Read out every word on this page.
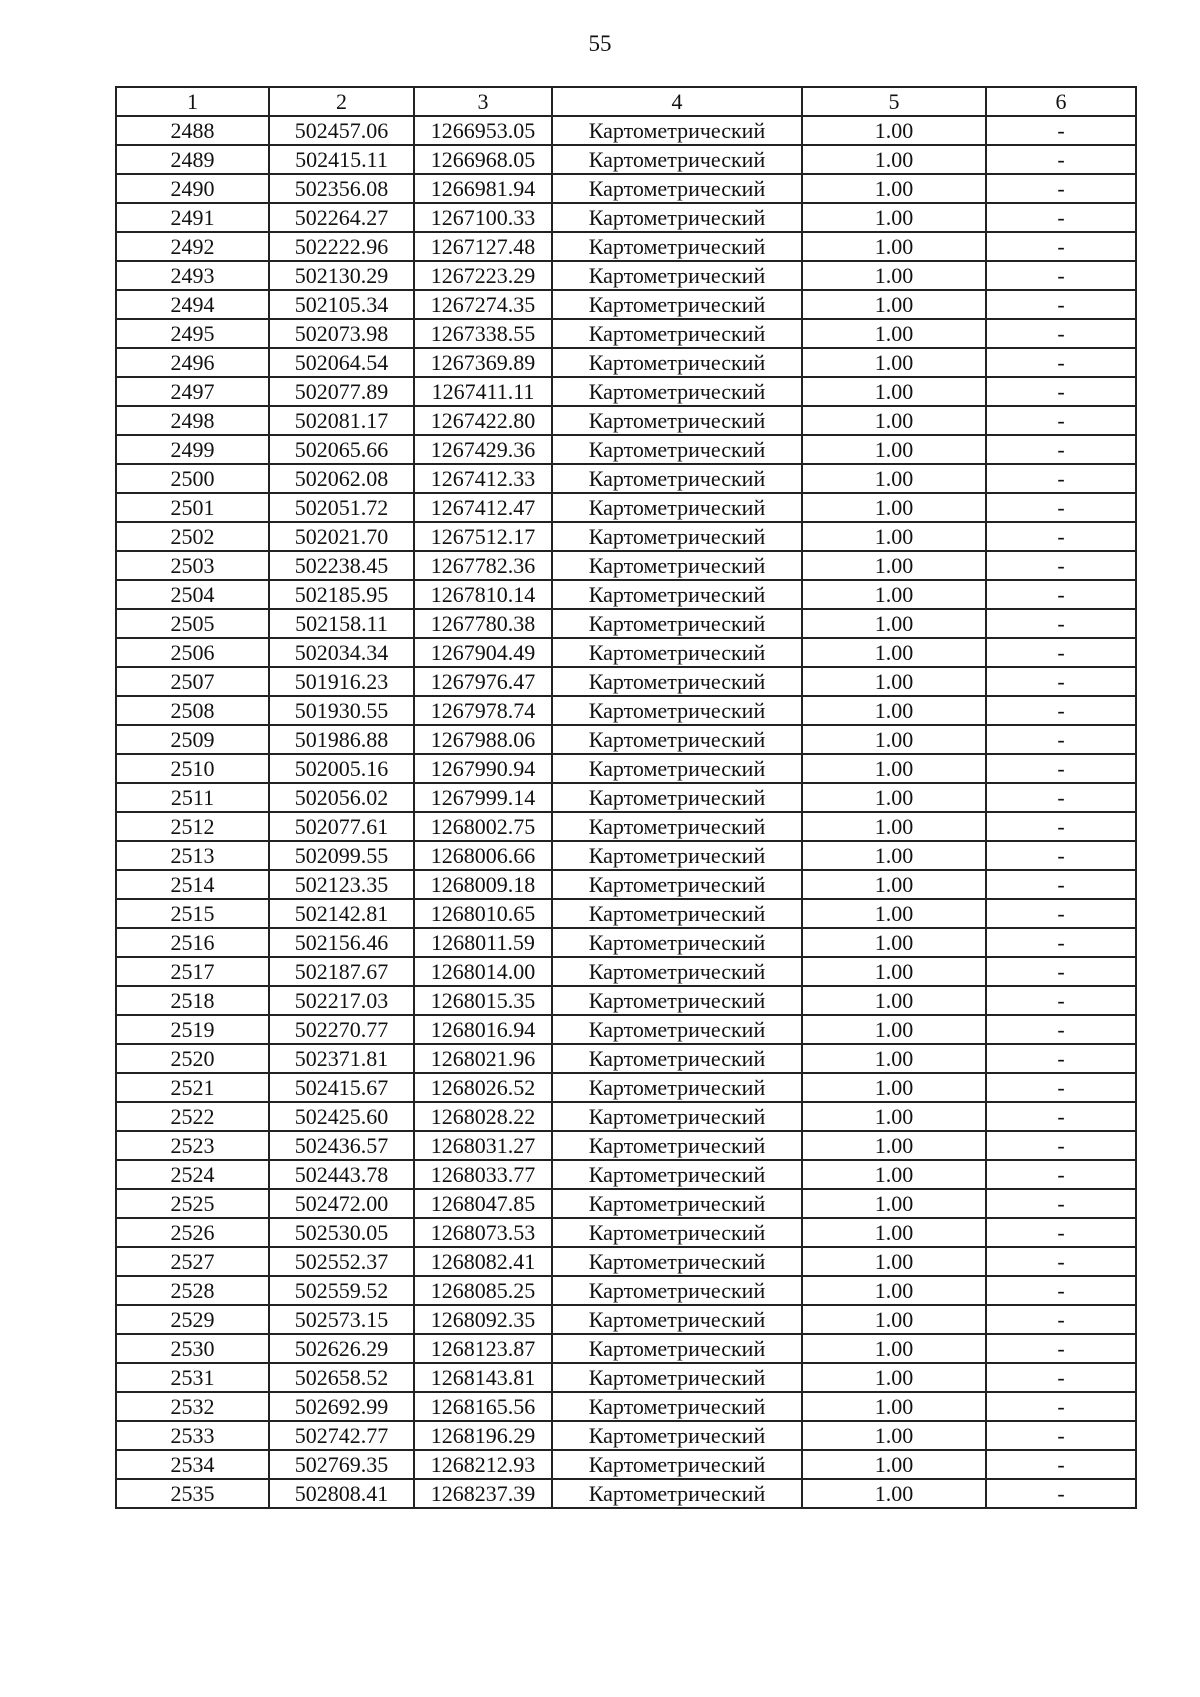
55
1	2	3	4	5	6
2488	502457.06	1266953.05	Картометрический	1.00	-
2489	502415.11	1266968.05	Картометрический	1.00	-
2490	502356.08	1266981.94	Картометрический	1.00	-
2491	502264.27	1267100.33	Картометрический	1.00	-
2492	502222.96	1267127.48	Картометрический	1.00	-
2493	502130.29	1267223.29	Картометрический	1.00	-
2494	502105.34	1267274.35	Картометрический	1.00	-
2495	502073.98	1267338.55	Картометрический	1.00	-
2496	502064.54	1267369.89	Картометрический	1.00	-
2497	502077.89	1267411.11	Картометрический	1.00	-
2498	502081.17	1267422.80	Картометрический	1.00	-
2499	502065.66	1267429.36	Картометрический	1.00	-
2500	502062.08	1267412.33	Картометрический	1.00	-
2501	502051.72	1267412.47	Картометрический	1.00	-
2502	502021.70	1267512.17	Картометрический	1.00	-
2503	502238.45	1267782.36	Картометрический	1.00	-
2504	502185.95	1267810.14	Картометрический	1.00	-
2505	502158.11	1267780.38	Картометрический	1.00	-
2506	502034.34	1267904.49	Картометрический	1.00	-
2507	501916.23	1267976.47	Картометрический	1.00	-
2508	501930.55	1267978.74	Картометрический	1.00	-
2509	501986.88	1267988.06	Картометрический	1.00	-
2510	502005.16	1267990.94	Картометрический	1.00	-
2511	502056.02	1267999.14	Картометрический	1.00	-
2512	502077.61	1268002.75	Картометрический	1.00	-
2513	502099.55	1268006.66	Картометрический	1.00	-
2514	502123.35	1268009.18	Картометрический	1.00	-
2515	502142.81	1268010.65	Картометрический	1.00	-
2516	502156.46	1268011.59	Картометрический	1.00	-
2517	502187.67	1268014.00	Картометрический	1.00	-
2518	502217.03	1268015.35	Картометрический	1.00	-
2519	502270.77	1268016.94	Картометрический	1.00	-
2520	502371.81	1268021.96	Картометрический	1.00	-
2521	502415.67	1268026.52	Картометрический	1.00	-
2522	502425.60	1268028.22	Картометрический	1.00	-
2523	502436.57	1268031.27	Картометрический	1.00	-
2524	502443.78	1268033.77	Картометрический	1.00	-
2525	502472.00	1268047.85	Картометрический	1.00	-
2526	502530.05	1268073.53	Картометрический	1.00	-
2527	502552.37	1268082.41	Картометрический	1.00	-
2528	502559.52	1268085.25	Картометрический	1.00	-
2529	502573.15	1268092.35	Картометрический	1.00	-
2530	502626.29	1268123.87	Картометрический	1.00	-
2531	502658.52	1268143.81	Картометрический	1.00	-
2532	502692.99	1268165.56	Картометрический	1.00	-
2533	502742.77	1268196.29	Картометрический	1.00	-
2534	502769.35	1268212.93	Картометрический	1.00	-
2535	502808.41	1268237.39	Картометрический	1.00	-
